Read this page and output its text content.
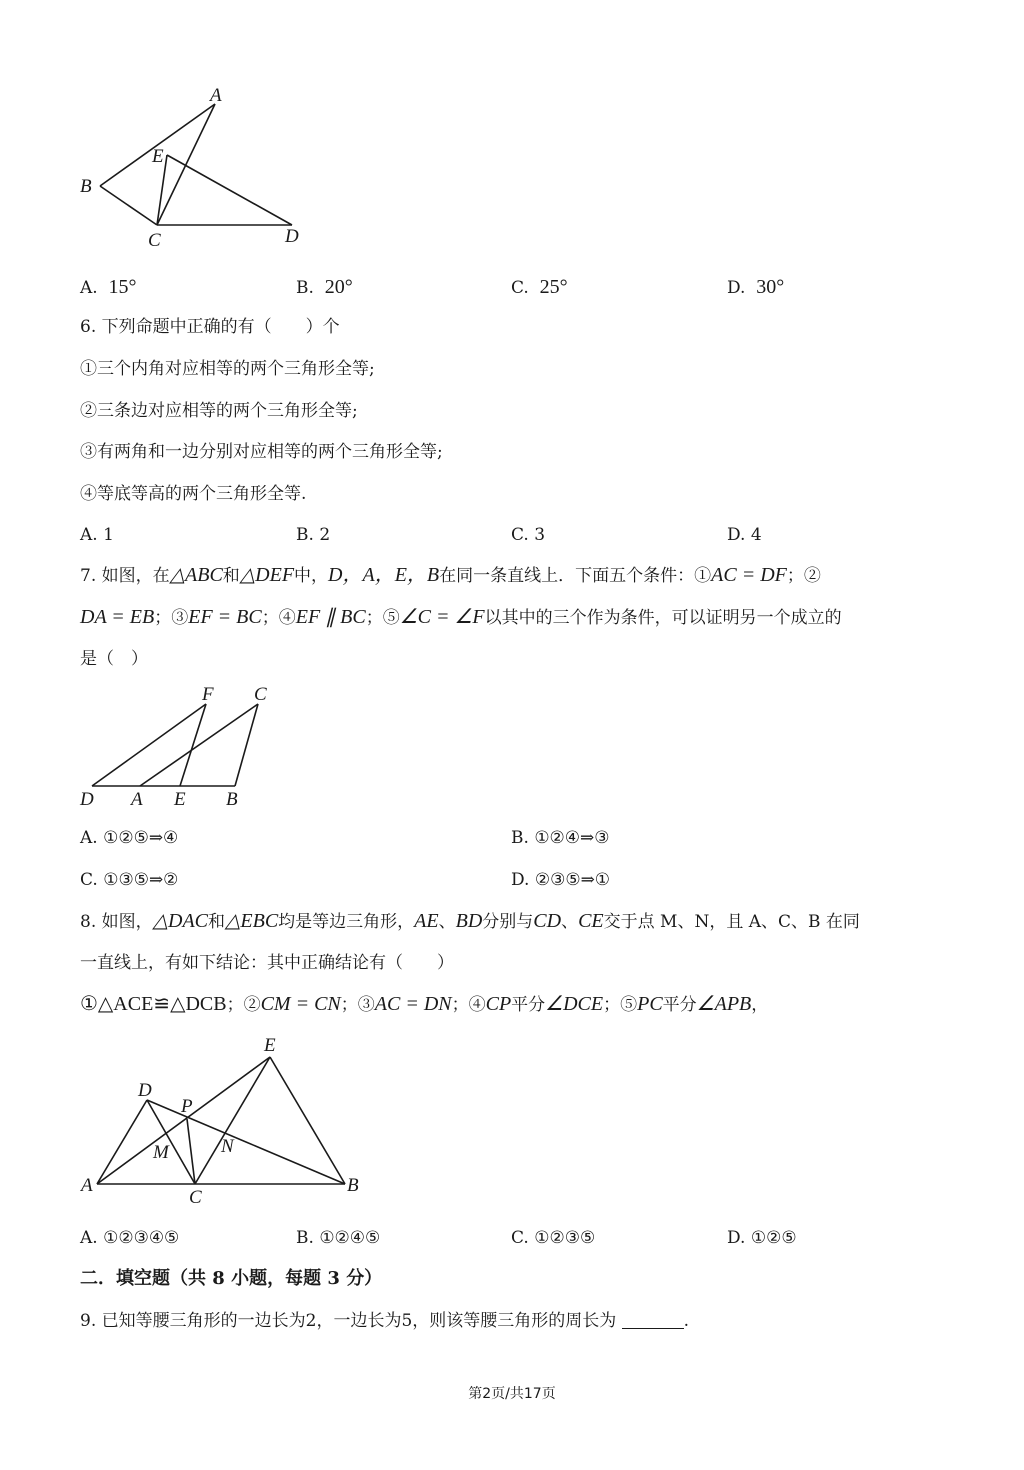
A
B
E
C	D
A. 15°	B. 20°	C. 25°	D. 30°
6. 下列命题中正确的有（　　）个
①三个内角对应相等的两个三角形全等;
②三条边对应相等的两个三角形全等;
③有两角和一边分别对应相等的两个三角形全等;
④等底等高的两个三角形全等.
A. 1	B. 2	C. 3	D. 4
7. 如图，在△ABC和△DEF中，D，A，E，B在同一条直线上．下面五个条件：①AC = DF；②
DA = EB；③EF = BC；④EF ∥ BC；⑤∠C = ∠F以其中的三个作为条件，可以证明另一个成立的
是（　）
F C
D A E B
A. ①②⑤⇒④	B. ①②④⇒③
C. ①③⑤⇒②	D. ②③⑤⇒①
8. 如图，△DAC和△EBC均是等边三角形，AE、BD分别与CD、CE交于点 M、N，且 A、C、B 在同
一直线上，有如下结论：其中正确结论有（　　）
①△ACE≌△DCB；②CM = CN；③AC = DN；④CP平分∠DCE；⑤PC平分∠APB，
E
D
P
M	N
A
C
B
A. ①②③④⑤	B. ①②④⑤	C. ①②③⑤	D. ①②⑤
二．填空题（共 8 小题，每题 3 分）
9. 已知等腰三角形的一边长为2，一边长为5，则该等腰三角形的周长为	.
第2页/共17页
